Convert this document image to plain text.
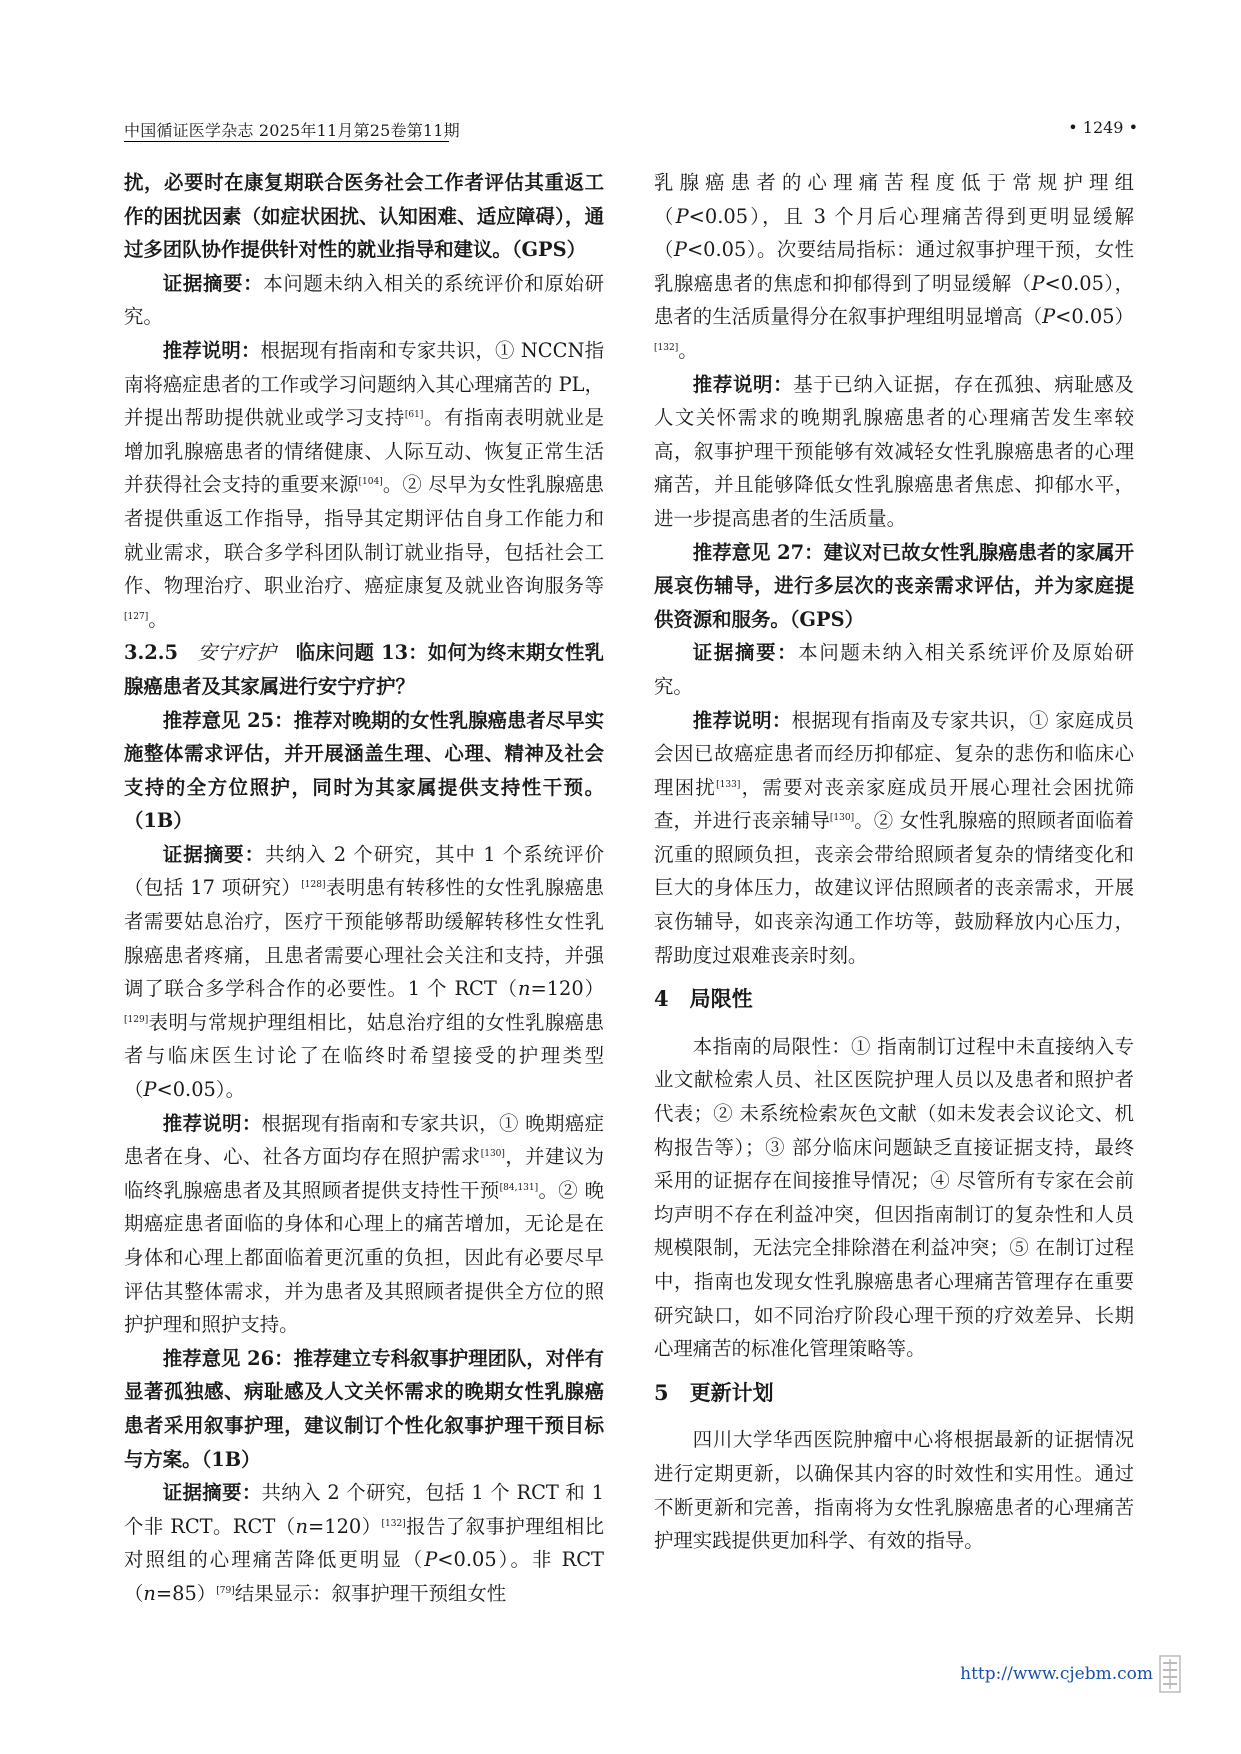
中国循证医学杂志 2025年11月第25卷第11期	• 1249 •

扰，必要时在康复期联合医务社会工作者评估其重返工作的困扰因素（如症状困扰、认知困难、适应障碍），通过多团队协作提供针对性的就业指导和建议。（GPS）

证据摘要：本问题未纳入相关的系统评价和原始研究。

推荐说明：根据现有指南和专家共识，① NCCN指南将癌症患者的工作或学习问题纳入其心理痛苦的 PL，并提出帮助提供就业或学习支持[61]。有指南表明就业是增加乳腺癌患者的情绪健康、人际互动、恢复正常生活并获得社会支持的重要来源[104]。② 尽早为女性乳腺癌患者提供重返工作指导，指导其定期评估自身工作能力和就业需求，联合多学科团队制订就业指导，包括社会工作、物理治疗、职业治疗、癌症康复及就业咨询服务等[127]。

3.2.5　 安宁疗护　 临床问题 13：如何为终末期女性乳腺癌患者及其家属进行安宁疗护？

推荐意见 25：推荐对晚期的女性乳腺癌患者尽早实施整体需求评估，并开展涵盖生理、心理、精神及社会支持的全方位照护，同时为其家属提供支持性干预。（1B）

证据摘要：共纳入 2 个研究，其中 1 个系统评价（包括 17 项研究）[128]表明患有转移性的女性乳腺癌患者需要姑息治疗，医疗干预能够帮助缓解转移性女性乳腺癌患者疼痛，且患者需要心理社会关注和支持，并强调了联合多学科合作的必要性。1 个 RCT（n=120）[129]表明与常规护理组相比，姑息治疗组的女性乳腺癌患者与临床医生讨论了在临终时希望接受的护理类型（P<0.05）。

推荐说明：根据现有指南和专家共识，① 晚期癌症患者在身、心、社各方面均存在照护需求[130]，并建议为临终乳腺癌患者及其照顾者提供支持性干预[84,131]。② 晚期癌症患者面临的身体和心理上的痛苦增加，无论是在身体和心理上都面临着更沉重的负担，因此有必要尽早评估其整体需求，并为患者及其照顾者提供全方位的照护护理和照护支持。

推荐意见 26：推荐建立专科叙事护理团队，对伴有显著孤独感、病耻感及人文关怀需求的晚期女性乳腺癌患者采用叙事护理，建议制订个性化叙事护理干预目标与方案。（1B）

证据摘要：共纳入 2 个研究，包括 1 个 RCT 和 1 个非 RCT。RCT（n=120）[132]报告了叙事护理组相比对照组的心理痛苦降低更明显（P<0.05）。非 RCT（n=85）[79]结果显示：叙事护理干预组女性

乳腺癌患者的心理痛苦程度低于常规护理组（P<0.05），且 3 个月后心理痛苦得到更明显缓解（P<0.05）。次要结局指标：通过叙事护理干预，女性乳腺癌患者的焦虑和抑郁得到了明显缓解（P<0.05），患者的生活质量得分在叙事护理组明显增高（P<0.05）[132]。

推荐说明：基于已纳入证据，存在孤独、病耻感及人文关怀需求的晚期乳腺癌患者的心理痛苦发生率较高，叙事护理干预能够有效减轻女性乳腺癌患者的心理痛苦，并且能够降低女性乳腺癌患者焦虑、抑郁水平，进一步提高患者的生活质量。

推荐意见 27：建议对已故女性乳腺癌患者的家属开展哀伤辅导，进行多层次的丧亲需求评估，并为家庭提供资源和服务。（GPS）

证据摘要：本问题未纳入相关系统评价及原始研究。

推荐说明：根据现有指南及专家共识，① 家庭成员会因已故癌症患者而经历抑郁症、复杂的悲伤和临床心理困扰[133]，需要对丧亲家庭成员开展心理社会困扰筛查，并进行丧亲辅导[130]。② 女性乳腺癌的照顾者面临着沉重的照顾负担，丧亲会带给照顾者复杂的情绪变化和巨大的身体压力，故建议评估照顾者的丧亲需求，开展哀伤辅导，如丧亲沟通工作坊等，鼓励释放内心压力，帮助度过艰难丧亲时刻。

4　局限性

本指南的局限性：① 指南制订过程中未直接纳入专业文献检索人员、社区医院护理人员以及患者和照护者代表；② 未系统检索灰色文献（如未发表会议论文、机构报告等）；③ 部分临床问题缺乏直接证据支持，最终采用的证据存在间接推导情况；④ 尽管所有专家在会前均声明不存在利益冲突，但因指南制订的复杂性和人员规模限制，无法完全排除潜在利益冲突；⑤ 在制订过程中，指南也发现女性乳腺癌患者心理痛苦管理存在重要研究缺口，如不同治疗阶段心理干预的疗效差异、长期心理痛苦的标准化管理策略等。

5　更新计划

四川大学华西医院肿瘤中心将根据最新的证据情况进行定期更新，以确保其内容的时效性和实用性。通过不断更新和完善，指南将为女性乳腺癌患者的心理痛苦护理实践提供更加科学、有效的指导。

http://www.cjebm.com
